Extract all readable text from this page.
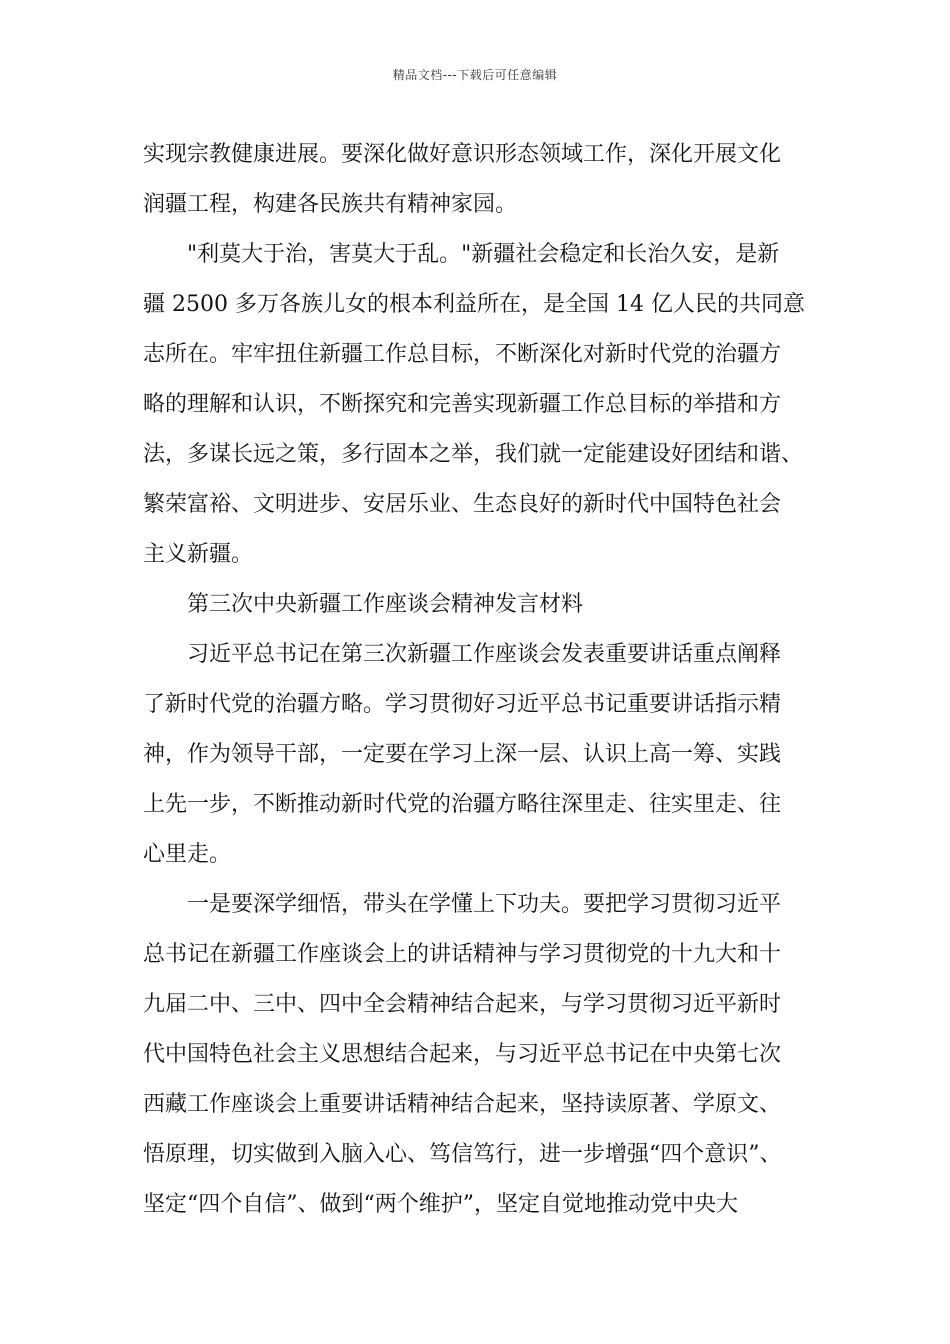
精品文档---下载后可任意编辑
实现宗教健康进展。要深化做好意识形态领域工作，深化开展文化
润疆工程，构建各民族共有精神家园。
"利莫大于治，害莫大于乱。"新疆社会稳定和长治久安，是新
疆 2500 多万各族儿女的根本利益所在，是全国 14 亿人民的共同意
志所在。牢牢扭住新疆工作总目标，不断深化对新时代党的治疆方
略的理解和认识，不断探究和完善实现新疆工作总目标的举措和方
法，多谋长远之策，多行固本之举，我们就一定能建设好团结和谐、
繁荣富裕、文明进步、安居乐业、生态良好的新时代中国特色社会
主义新疆。
第三次中央新疆工作座谈会精神发言材料
习近平总书记在第三次新疆工作座谈会发表重要讲话重点阐释
了新时代党的治疆方略。学习贯彻好习近平总书记重要讲话指示精
神，作为领导干部，一定要在学习上深一层、认识上高一筹、实践
上先一步，不断推动新时代党的治疆方略往深里走、往实里走、往
心里走。
一是要深学细悟，带头在学懂上下功夫。要把学习贯彻习近平
总书记在新疆工作座谈会上的讲话精神与学习贯彻党的十九大和十
九届二中、三中、四中全会精神结合起来，与学习贯彻习近平新时
代中国特色社会主义思想结合起来，与习近平总书记在中央第七次
西藏工作座谈会上重要讲话精神结合起来，坚持读原著、学原文、
悟原理，切实做到入脑入心、笃信笃行，进一步增强“四个意识”、
坚定“四个自信”、做到“两个维护”，坚定自觉地推动党中央大
